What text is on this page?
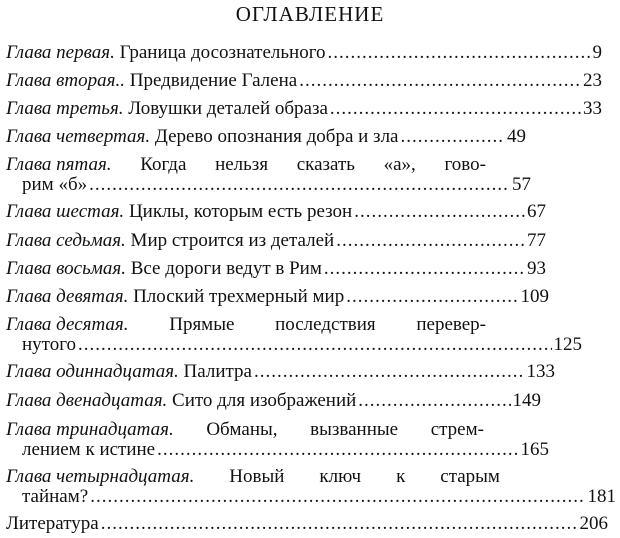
ОГЛАВЛЕНИЕ
Глава первая.
Граница досознательного .....	9
Глава вторая..
Предвидение Галена .....	23
Глава третья.
Ловушки деталей образа .....	33
Глава четвертая.
Дерево опознания добра и зла .....	49
Глава пятая. Когда нельзя сказать «а», гово-
рим «б» .....	57
Глава шестая.
Циклы, которым есть резон .....	67
Глава седьмая.
Мир строится из деталей .....	77
Глава восьмая.
Все дороги ведут в Рим .....	93
Глава девятая.
Плоский трехмерный мир .....	109
Глава десятая. Прямые последствия перевер-
нутого .....	125
Глава одиннадцатая.
Палитра .....	133
Глава двенадцатая.
Сито для изображений .....	149
Глава тринадцатая. Обманы, вызванные стрем-
лением к истине .....	165
Глава четырнадцатая. Новый ключ к старым
тайнам? .....	181
Литература .....	206
